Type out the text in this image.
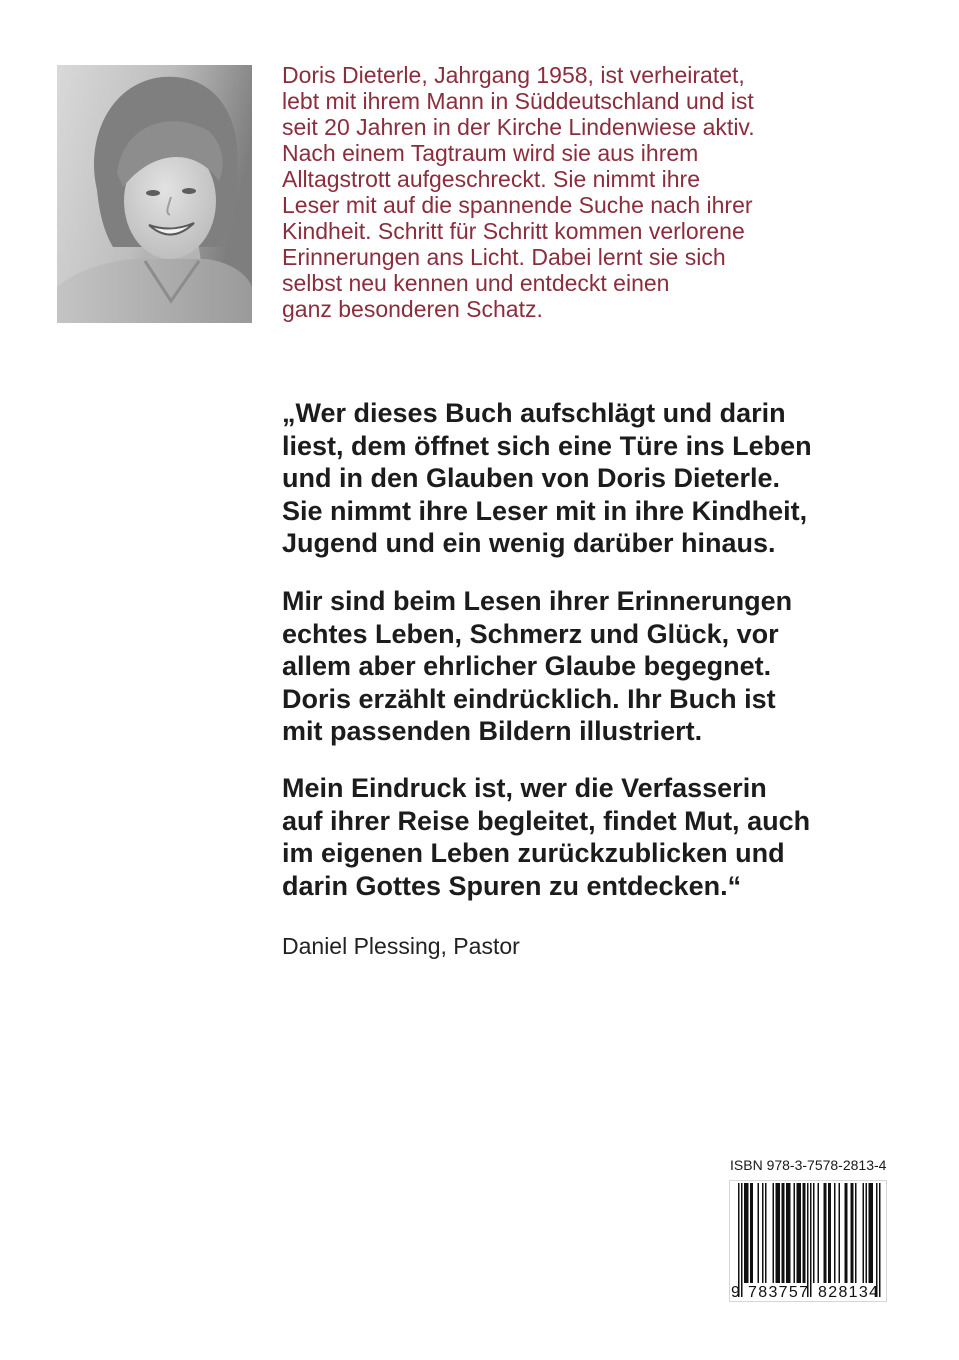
Doris Dieterle, Jahrgang 1958, ist verheiratet,
lebt mit ihrem Mann in Süddeutschland und ist
seit 20 Jahren in der Kirche Lindenwiese aktiv.
Nach einem Tagtraum wird sie aus ihrem
Alltagstrott aufgeschreckt. Sie nimmt ihre
Leser mit auf die spannende Suche nach ihrer
Kindheit. Schritt für Schritt kommen verlorene
Erinnerungen ans Licht. Dabei lernt sie sich
selbst neu kennen und entdeckt einen
ganz besonderen Schatz.
„Wer dieses Buch aufschlägt und darin
liest, dem öffnet sich eine Türe ins Leben
und in den Glauben von Doris Dieterle.
Sie nimmt ihre Leser mit in ihre Kindheit,
Jugend und ein wenig darüber hinaus.
Mir sind beim Lesen ihrer Erinnerungen
echtes Leben, Schmerz und Glück, vor
allem aber ehrlicher Glaube begegnet.
Doris erzählt eindrücklich. Ihr Buch ist
mit passenden Bildern illustriert.
Mein Eindruck ist, wer die Verfasserin
auf ihrer Reise begleitet, findet Mut, auch
im eigenen Leben zurückzublicken und
darin Gottes Spuren zu entdecken.“
Daniel Plessing, Pastor
ISBN 978-3-7578-2813-4
9 783757 828134
